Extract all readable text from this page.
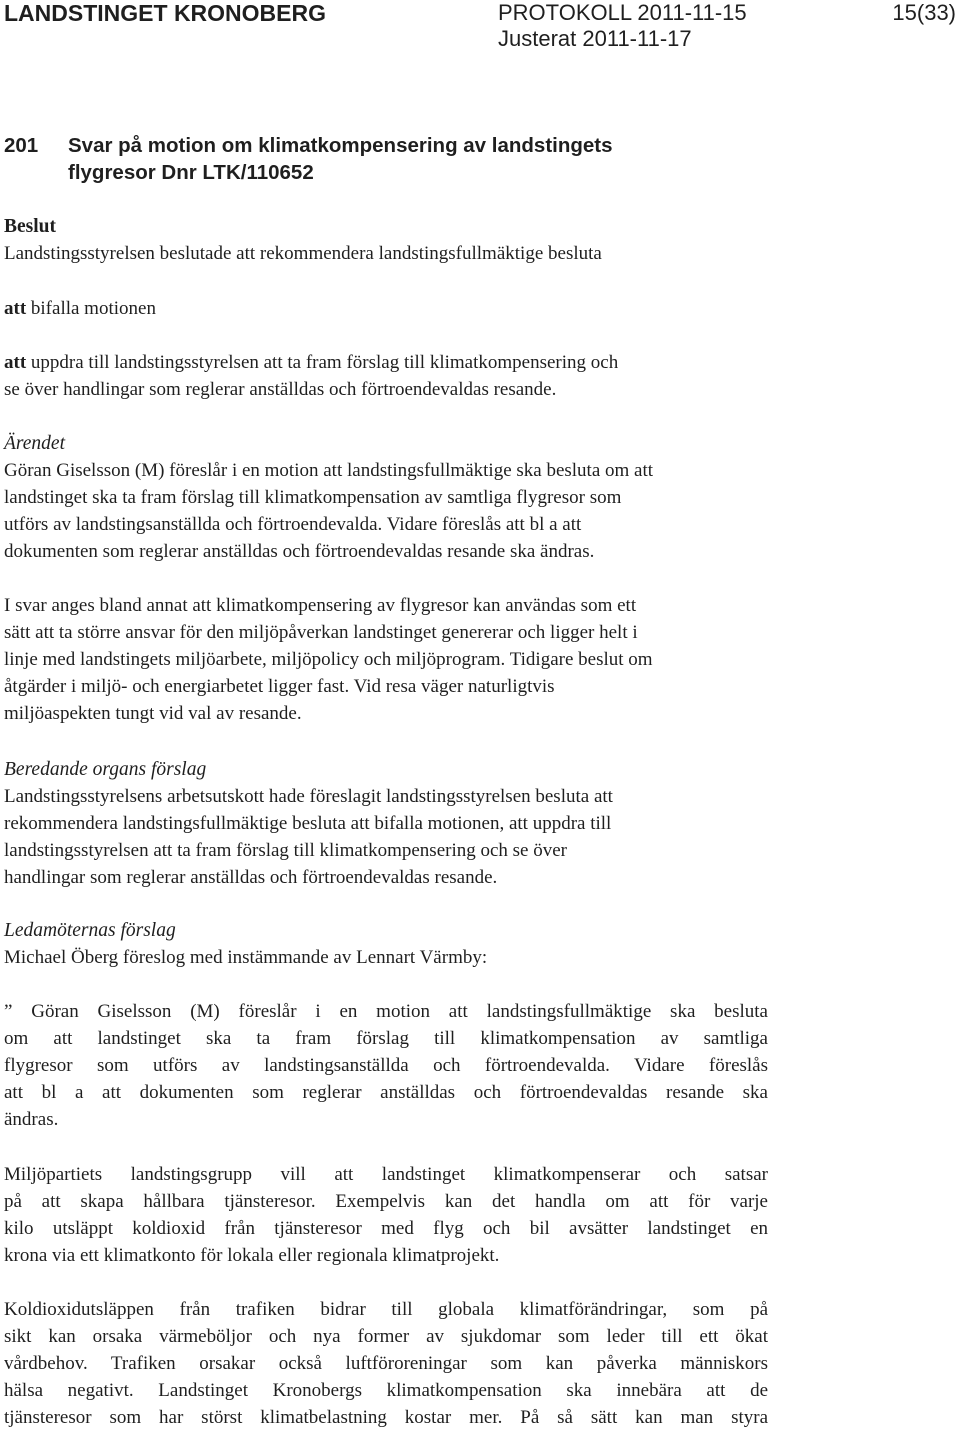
LANDSTINGET KRONOBERG	PROTOKOLL 2011-11-15
Justerat 2011-11-17
15(33)
201 Svar på motion om klimatkompensering av landstingets
flygresor Dnr LTK/110652
Beslut
Landstingsstyrelsen beslutade att rekommendera landstingsfullmäktige besluta
att bifalla motionen
att uppdra till landstingsstyrelsen att ta fram förslag till klimatkompensering och
se över handlingar som reglerar anställdas och förtroendevaldas resande.
Ärendet
Göran Giselsson (M) föreslår i en motion att landstingsfullmäktige ska besluta om att
landstinget ska ta fram förslag till klimatkompensation av samtliga flygresor som
utförs av landstingsanställda och förtroendevalda. Vidare föreslås att bl a att
dokumenten som reglerar anställdas och förtroendevaldas resande ska ändras.
I svar anges bland annat att klimatkompensering av flygresor kan användas som ett
sätt att ta större ansvar för den miljöpåverkan landstinget genererar och ligger helt i
linje med landstingets miljöarbete, miljöpolicy och miljöprogram. Tidigare beslut om
åtgärder i miljö- och energiarbetet ligger fast. Vid resa väger naturligtvis
miljöaspekten tungt vid val av resande.
Beredande organs förslag
Landstingsstyrelsens arbetsutskott hade föreslagit landstingsstyrelsen besluta att
rekommendera landstingsfullmäktige besluta att bifalla motionen, att uppdra till
landstingsstyrelsen att ta fram förslag till klimatkompensering och se över
handlingar som reglerar anställdas och förtroendevaldas resande.
Ledamöternas förslag
Michael Öberg föreslog med instämmande av Lennart Värmby:
” Göran Giselsson (M) föreslår i en motion att landstingsfullmäktige ska besluta
om att landstinget ska ta fram förslag till klimatkompensation av samtliga
flygresor som utförs av landstingsanställda och förtroendevalda. Vidare föreslås
att bl a att dokumenten som reglerar anställdas och förtroendevaldas resande ska
ändras.
Miljöpartiets landstingsgrupp vill att landstinget klimatkompenserar och satsar
på att skapa hållbara tjänsteresor. Exempelvis kan det handla om att för varje
kilo utsläppt koldioxid från tjänsteresor med flyg och bil avsätter landstinget en
krona via ett klimatkonto för lokala eller regionala klimatprojekt.
Koldioxidutsläppen från trafiken bidrar till globala klimatförändringar, som på
sikt kan orsaka värmeböljor och nya former av sjukdomar som leder till ett ökat
vårdbehov. Trafiken orsakar också luftföroreningar som kan påverka människors
hälsa negativt. Landstinget Kronobergs klimatkompensation ska innebära att de
tjänsteresor som har störst klimatbelastning kostar mer. På så sätt kan man styra
